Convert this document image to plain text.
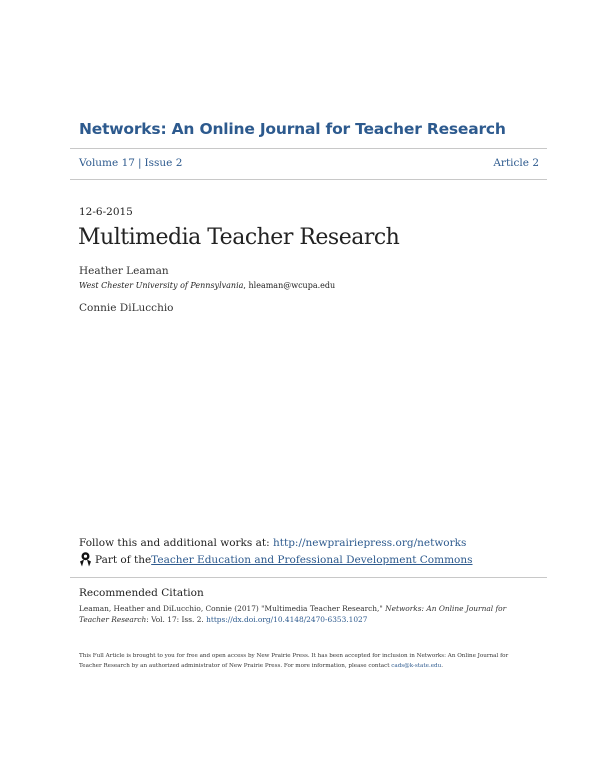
Networks: An Online Journal for Teacher Research
Volume 17 | Issue 2	Article 2
12-6-2015
Multimedia Teacher Research
Heather Leaman
West Chester University of Pennsylvania, hleaman@wcupa.edu
Connie DiLucchio
Follow this and additional works at: http://newprairiepress.org/networks
Part of the Teacher Education and Professional Development Commons
Recommended Citation
Leaman, Heather and DiLucchio, Connie (2017) "Multimedia Teacher Research," Networks: An Online Journal for Teacher Research: Vol. 17: Iss. 2. https://dx.doi.org/10.4148/2470-6353.1027
This Full Article is brought to you for free and open access by New Prairie Press. It has been accepted for inclusion in Networks: An Online Journal for Teacher Research by an authorized administrator of New Prairie Press. For more information, please contact cads@k-state.edu.
